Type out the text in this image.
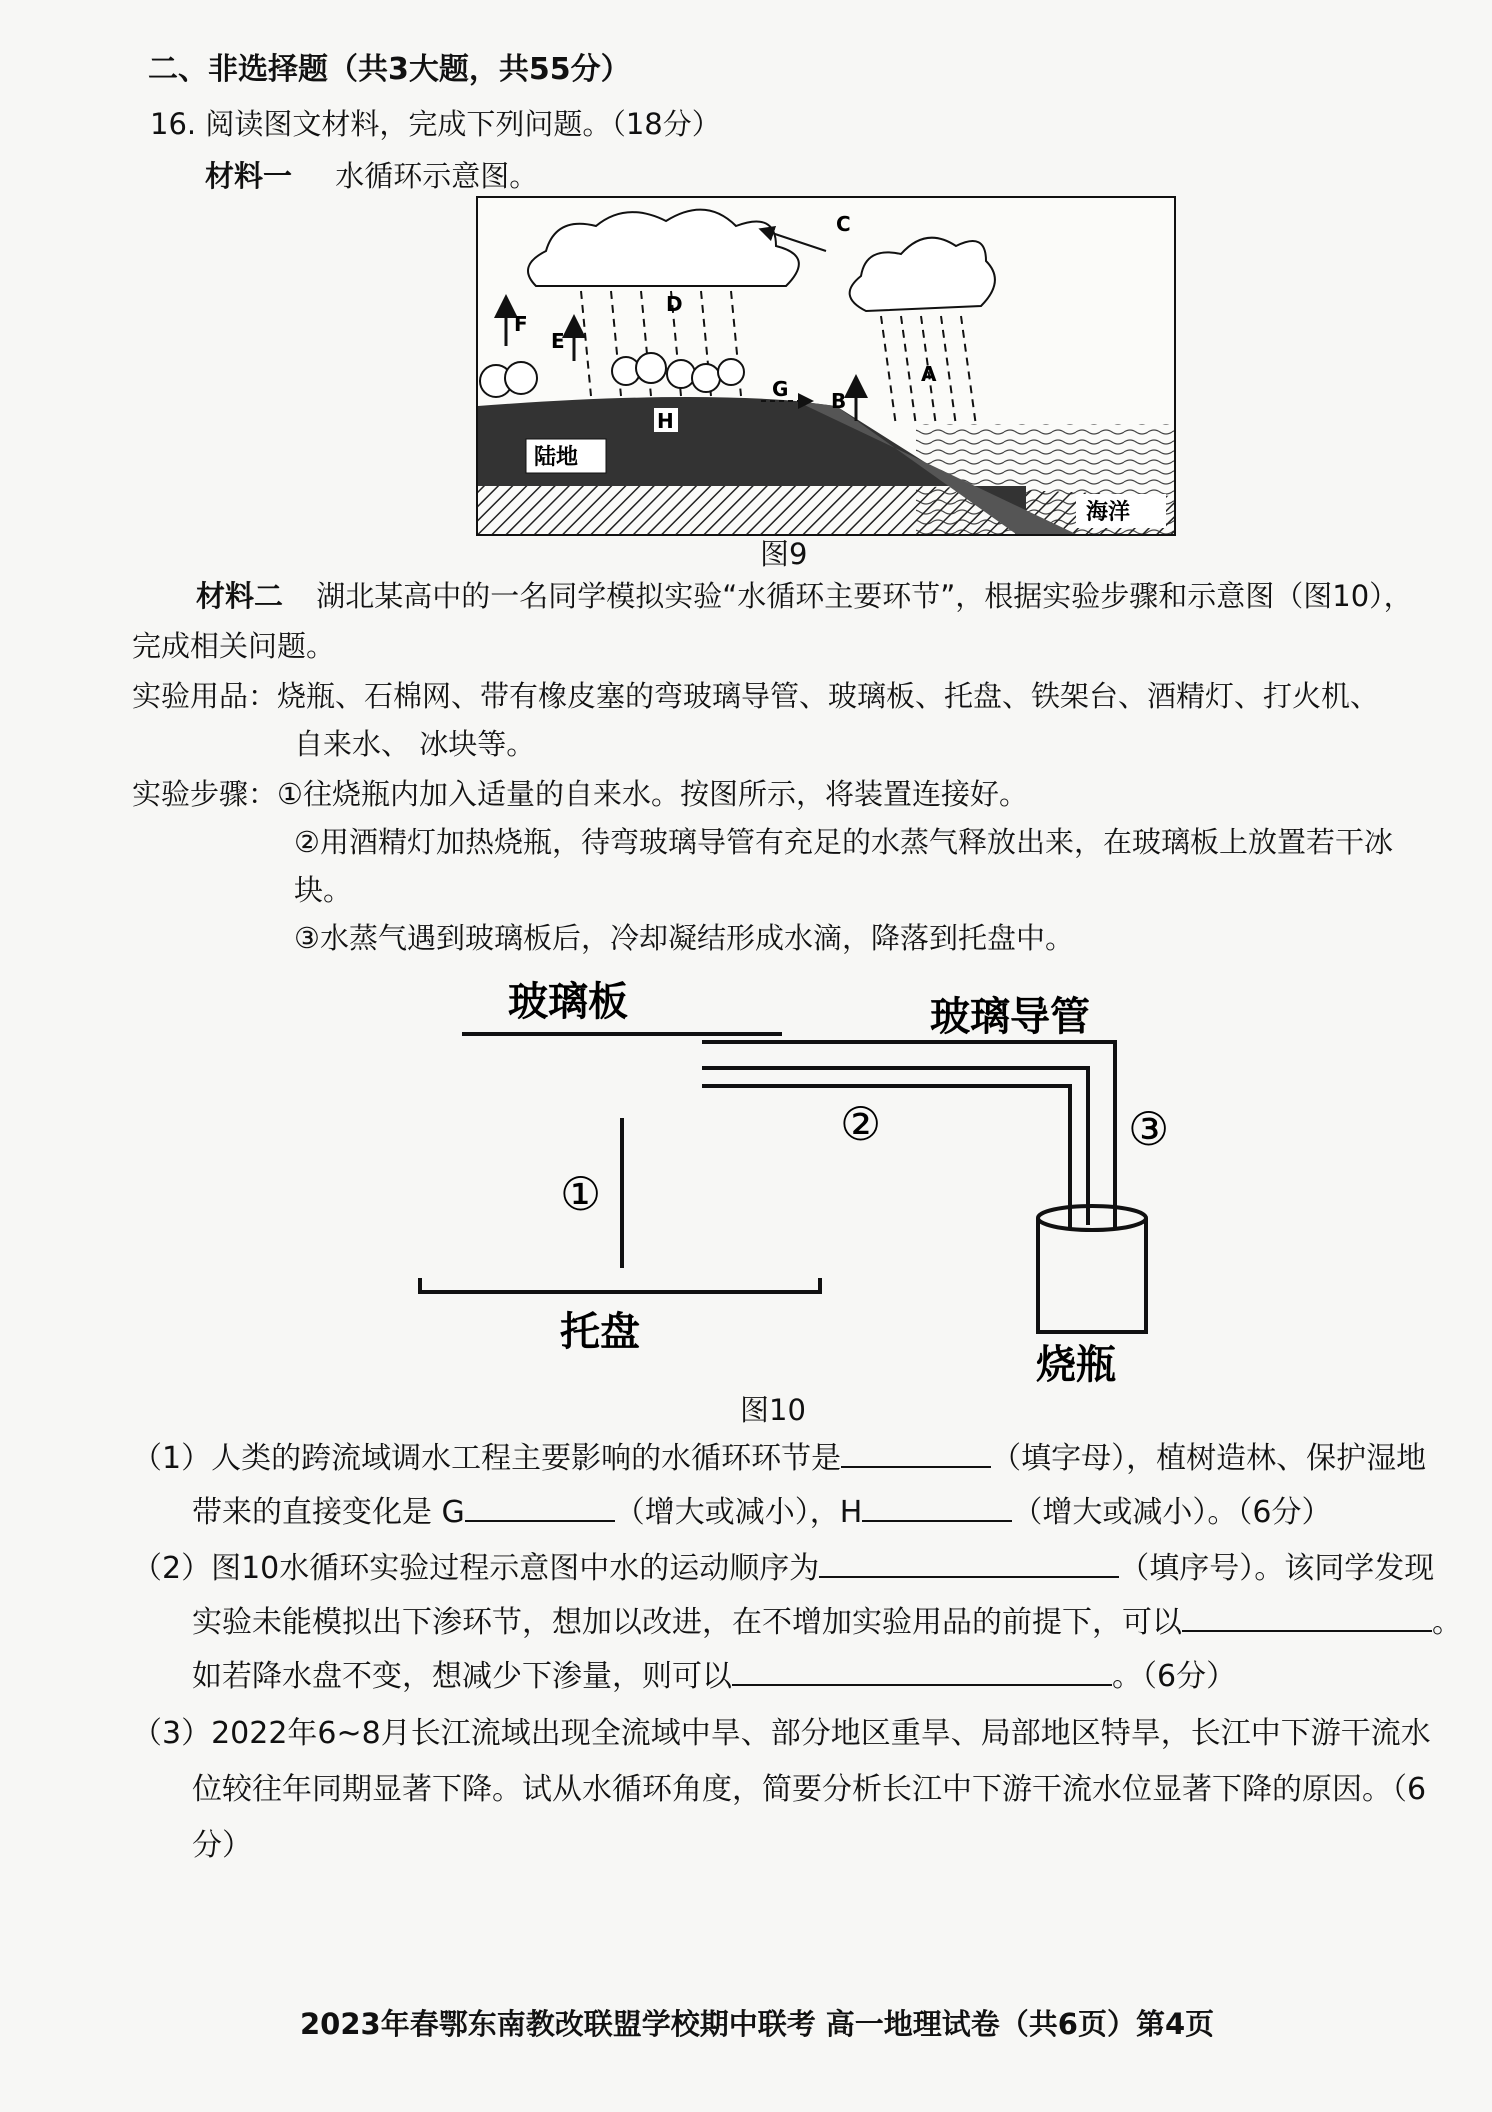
二、非选择题（共3大题，共55分）
16. 阅读图文材料，完成下列问题。（18分）
材料一 水循环示意图。
F
E
D
C
G B
A
H
陆地
海洋
图9
材料二 湖北某高中的一名同学模拟实验“水循环主要环节”，根据实验步骤和示意图（图10），
完成相关问题。
实验用品：烧瓶、石棉网、带有橡皮塞的弯玻璃导管、玻璃板、托盘、铁架台、酒精灯、打火机、
自来水、 冰块等。
实验步骤：①往烧瓶内加入适量的自来水。按图所示，将装置连接好。
②用酒精灯加热烧瓶，待弯玻璃导管有充足的水蒸气释放出来，在玻璃板上放置若干冰
块。
③水蒸气遇到玻璃板后，冷却凝结形成水滴，降落到托盘中。
玻璃板	玻璃导管
①
②	③
托盘
烧瓶
图10
（1）人类的跨流域调水工程主要影响的水循环环节是	（填字母），植树造林、保护湿地
带来的直接变化是 G	（增大或减小），H	（增大或减小）。（6分）
（2）图10水循环实验过程示意图中水的运动顺序为	（填序号）。该同学发现
实验未能模拟出下渗环节，想加以改进，在不增加实验用品的前提下，可以	。
如若降水盘不变，想减少下渗量，则可以	。（6分）
（3）2022年6~8月长江流域出现全流域中旱、部分地区重旱、局部地区特旱，长江中下游干流水
位较往年同期显著下降。试从水循环角度，简要分析长江中下游干流水位显著下降的原因。（6
分）
2023年春鄂东南教改联盟学校期中联考 高一地理试卷（共6页）第4页
